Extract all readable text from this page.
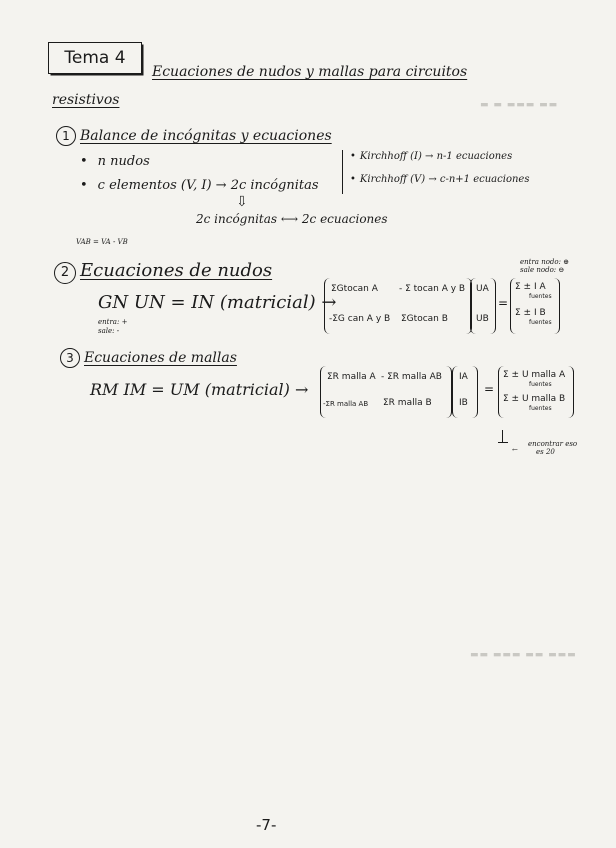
▬ ▬ ▬▬▬ ▬▬
▬▬ ▬▬▬ ▬▬ ▬▬▬
Tema 4
Ecuaciones de nudos y mallas para circuitos
resistivos
1 Balance de incógnitas y ecuaciones
• n nudos
• c elementos (V, I) → 2c incógnitas
• Kirchhoff (I) → n-1 ecuaciones
• Kirchhoff (V) → c-n+1 ecuaciones
⇩
2c incógnitas ⟷ 2c ecuaciones
VAB = VA - VB
2 Ecuaciones de nudos
GN UN = IN (matricial) →
entra: +
sale: -
entra nodo: ⊕
sale nodo: ⊖
ΣGtocan A - Σ tocan A y B
-ΣG can A y B ΣGtocan B
UA
UB
=
Σ ± I A
fuentes
Σ ± I B
fuentes
3 Ecuaciones de mallas
RM IM = UM (matricial) →
ΣR malla A - ΣR malla AB
-ΣR malla AB ΣR malla B
IA
IB
=
Σ ± U malla A
fuentes
Σ ± U malla B
fuentes
←
encontrar eso
es 20
-7-
